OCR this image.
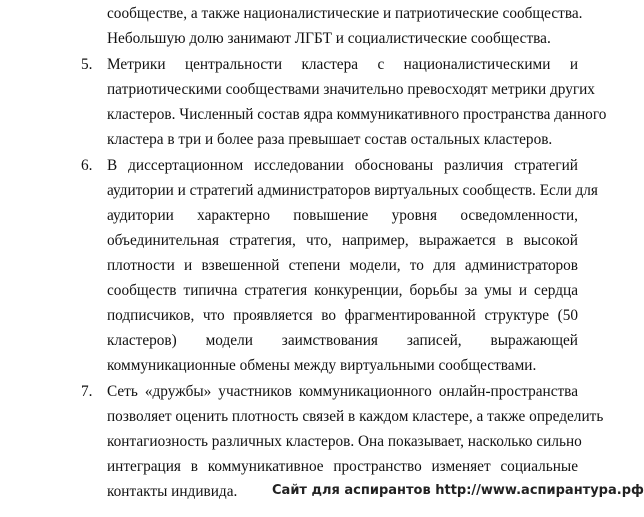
сообществе, а также националистические и патриотические сообщества.
Небольшую долю занимают ЛГБТ и социалистические сообщества.
5. Метрики центральности кластера с националистическими и
патриотическими сообществами значительно превосходят метрики других
кластеров. Численный состав ядра коммуникативного пространства данного
кластера в три и более раза превышает состав остальных кластеров.
6. В диссертационном исследовании обоснованы различия стратегий
аудитории и стратегий администраторов виртуальных сообществ. Если для
аудитории характерно повышение уровня осведомленности,
объединительная стратегия, что, например, выражается в высокой
плотности и взвешенной степени модели, то для администраторов
сообществ типична стратегия конкуренции, борьбы за умы и сердца
подписчиков, что проявляется во фрагментированной структуре (50
кластеров) модели заимствования записей, выражающей
коммуникационные обмены между виртуальными сообществами.
7. Сеть «дружбы» участников коммуникационного онлайн-пространства
позволяет оценить плотность связей в каждом кластере, а также определить
контагиозность различных кластеров. Она показывает, насколько сильно
интеграция в коммуникативное пространство изменяет социальные
контакты индивида.	Сайт для аспирантов http://www.аспирантура.рф
